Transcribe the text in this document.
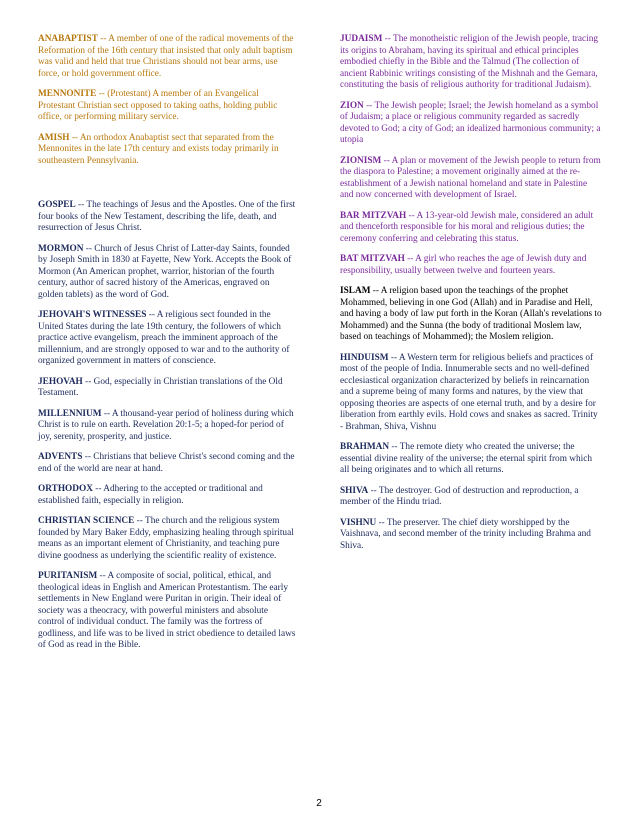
ANABAPTIST -- A member of one of the radical movements of the Reformation of the 16th century that insisted that only adult baptism was valid and held that true Christians should not bear arms, use force, or hold government office.

MENNONITE -- (Protestant) A member of an Evangelical Protestant Christian sect opposed to taking oaths, holding public office, or performing military service.

AMISH -- An orthodox Anabaptist sect that separated from the Mennonites in the late 17th century and exists today primarily in southeastern Pennsylvania.

GOSPEL -- The teachings of Jesus and the Apostles. One of the first four books of the New Testament, describing the life, death, and resurrection of Jesus Christ.

MORMON -- Church of Jesus Christ of Latter-day Saints, founded by Joseph Smith in 1830 at Fayette, New York. Accepts the Book of Mormon (An American prophet, warrior, historian of the fourth century, author of sacred history of the Americas, engraved on golden tablets) as the word of God.

JEHOVAH'S WITNESSES -- A religious sect founded in the United States during the late 19th century, the followers of which practice active evangelism, preach the imminent approach of the millennium, and are strongly opposed to war and to the authority of organized government in matters of conscience.

JEHOVAH -- God, especially in Christian translations of the Old Testament.

MILLENNIUM -- A thousand-year period of holiness during which Christ is to rule on earth. Revelation 20:1-5; a hoped-for period of joy, serenity, prosperity, and justice.

ADVENTS -- Christians that believe Christ's second coming and the end of the world are near at hand.

ORTHODOX -- Adhering to the accepted or traditional and established faith, especially in religion.

CHRISTIAN SCIENCE -- The church and the religious system founded by Mary Baker Eddy, emphasizing healing through spiritual means as an important element of Christianity, and teaching pure divine goodness as underlying the scientific reality of existence.

PURITANISM -- A composite of social, political, ethical, and theological ideas in English and American Protestantism. The early settlements in New England were Puritan in origin. Their ideal of society was a theocracy, with powerful ministers and absolute control of individual conduct. The family was the fortress of godliness, and life was to be lived in strict obedience to detailed laws of God as read in the Bible.

JUDAISM -- The monotheistic religion of the Jewish people, tracing its origins to Abraham, having its spiritual and ethical principles embodied chiefly in the Bible and the Talmud (The collection of ancient Rabbinic writings consisting of the Mishnah and the Gemara, constituting the basis of religious authority for traditional Judaism).

ZION -- The Jewish people; Israel; the Jewish homeland as a symbol of Judaism; a place or religious community regarded as sacredly devoted to God; a city of God; an idealized harmonious community; a utopia

ZIONISM -- A plan or movement of the Jewish people to return from the diaspora to Palestine; a movement originally aimed at the re-establishment of a Jewish national homeland and state in Palestine and now concerned with development of Israel.

BAR MITZVAH -- A 13-year-old Jewish male, considered an adult and thenceforth responsible for his moral and religious duties; the ceremony conferring and celebrating this status.

BAT MITZVAH -- A girl who reaches the age of Jewish duty and responsibility, usually between twelve and fourteen years.

ISLAM -- A religion based upon the teachings of the prophet Mohammed, believing in one God (Allah) and in Paradise and Hell, and having a body of law put forth in the Koran (Allah's revelations to Mohammed) and the Sunna (the body of traditional Moslem law, based on teachings of Mohammed); the Moslem religion.

HINDUISM -- A Western term for religious beliefs and practices of most of the people of India. Innumerable sects and no well-defined ecclesiastical organization characterized by beliefs in reincarnation and a supreme being of many forms and natures, by the view that opposing theories are aspects of one eternal truth, and by a desire for liberation from earthly evils. Hold cows and snakes as sacred. Trinity - Brahman, Shiva, Vishnu

BRAHMAN -- The remote diety who created the universe; the essential divine reality of the universe; the eternal spirit from which all being originates and to which all returns.

SHIVA -- The destroyer. God of destruction and reproduction, a member of the Hindu triad.

VISHNU -- The preserver. The chief diety worshipped by the Vaishnava, and second member of the trinity including Brahma and Shiva.

2
